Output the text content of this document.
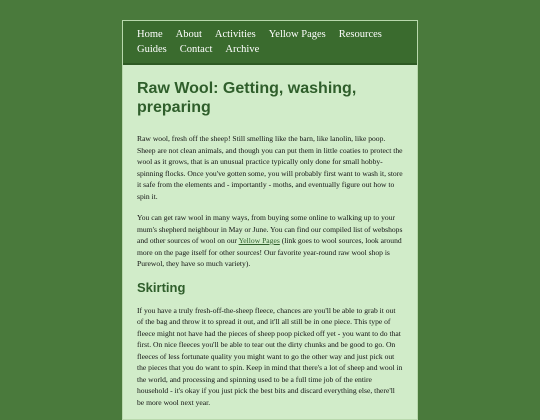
Home About Activities Yellow Pages Resources
Guides Contact Archive
Raw Wool: Getting, washing, preparing

Raw wool, fresh off the sheep! Still smelling like the barn, like lanolin, like poop. Sheep are not clean animals, and though you can put them in little coaties to protect the wool as it grows, that is an unusual practice typically only done for small hobby-spinning flocks. Once you've gotten some, you will probably first want to wash it, store it safe from the elements and - importantly - moths, and eventually figure out how to spin it.

You can get raw wool in many ways, from buying some online to walking up to your mum's shepherd neighbour in May or June. You can find our compiled list of webshops and other sources of wool on our Yellow Pages (link goes to wool sources, look around more on the page itself for other sources! Our favorite year-round raw wool shop is Purewol, they have so much variety).

Skirting

If you have a truly fresh-off-the-sheep fleece, chances are you'll be able to grab it out of the bag and throw it to spread it out, and it'll all still be in one piece. This type of fleece might not have had the pieces of sheep poop picked off yet - you want to do that first. On nice fleeces you'll be able to tear out the dirty chunks and be good to go. On fleeces of less fortunate quality you might want to go the other way and just pick out the pieces that you do want to spin. Keep in mind that there's a lot of sheep and wool in the world, and processing and spinning used to be a full time job of the entire household - it's okay if you just pick the best bits and discard everything else, there'll be more wool next year.
